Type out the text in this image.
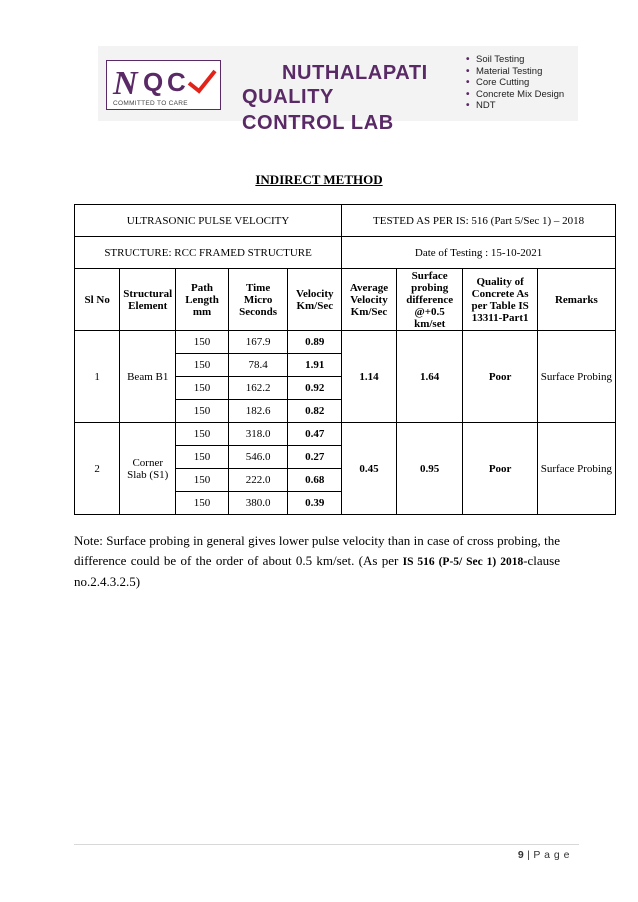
N Q C
COMMITTED TO CARE
NUTHALAPATI
QUALITY CONTROL LAB
• Soil Testing
• Material Testing
• Core Cutting
• Concrete Mix Design
• NDT
INDIRECT METHOD
ULTRASONIC PULSE VELOCITY					TESTED AS PER IS: 516 (Part 5/Sec 1) – 2018			
STRUCTURE: RCC FRAMED STRUCTURE					Date of Testing : 15-10-2021			
Sl No	Structural Element	Path Length mm	Time Micro Seconds	Velocity Km/Sec	Average Velocity Km/Sec	Surface probing difference @+0.5 km/set	Quality of Concrete As per Table IS 13311-Part1	Remarks
1	Beam B1	150	167.9	0.89	1.14	1.64	Poor	Surface Probing
		150	78.4	1.91				
		150	162.2	0.92				
		150	182.6	0.82				
2	Corner Slab (S1)	150	318.0	0.47	0.45	0.95	Poor	Surface Probing
		150	546.0	0.27				
		150	222.0	0.68				
		150	380.0	0.39				
Note: Surface probing in general gives lower pulse velocity than in case of cross probing, the difference could be of the order of about 0.5 km/set. (As per IS 516 (P-5/ Sec 1) 2018-clause no.2.4.3.2.5)
9 | P a g e
